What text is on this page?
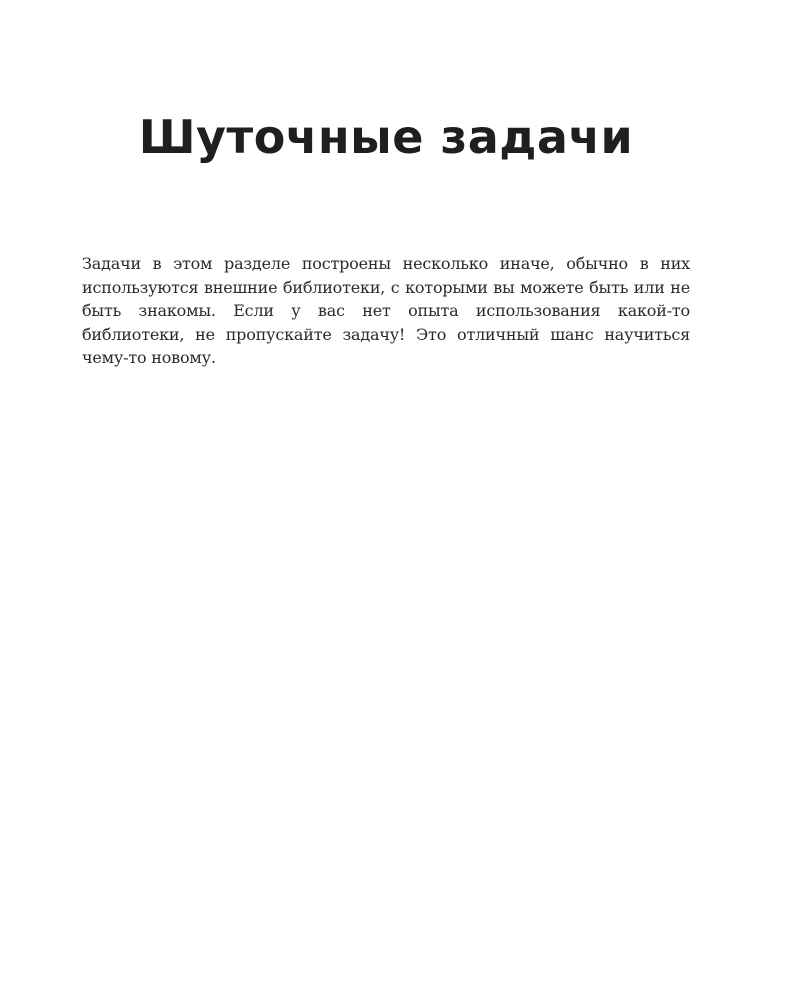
Шуточные задачи

Задачи в этом разделе построены несколько иначе, обычно в них используются внешние библиотеки, с которыми вы можете быть или не быть знакомы. Если у вас нет опыта использования какой-то библиотеки, не пропускайте задачу! Это отличный шанс научиться чему-то новому.
